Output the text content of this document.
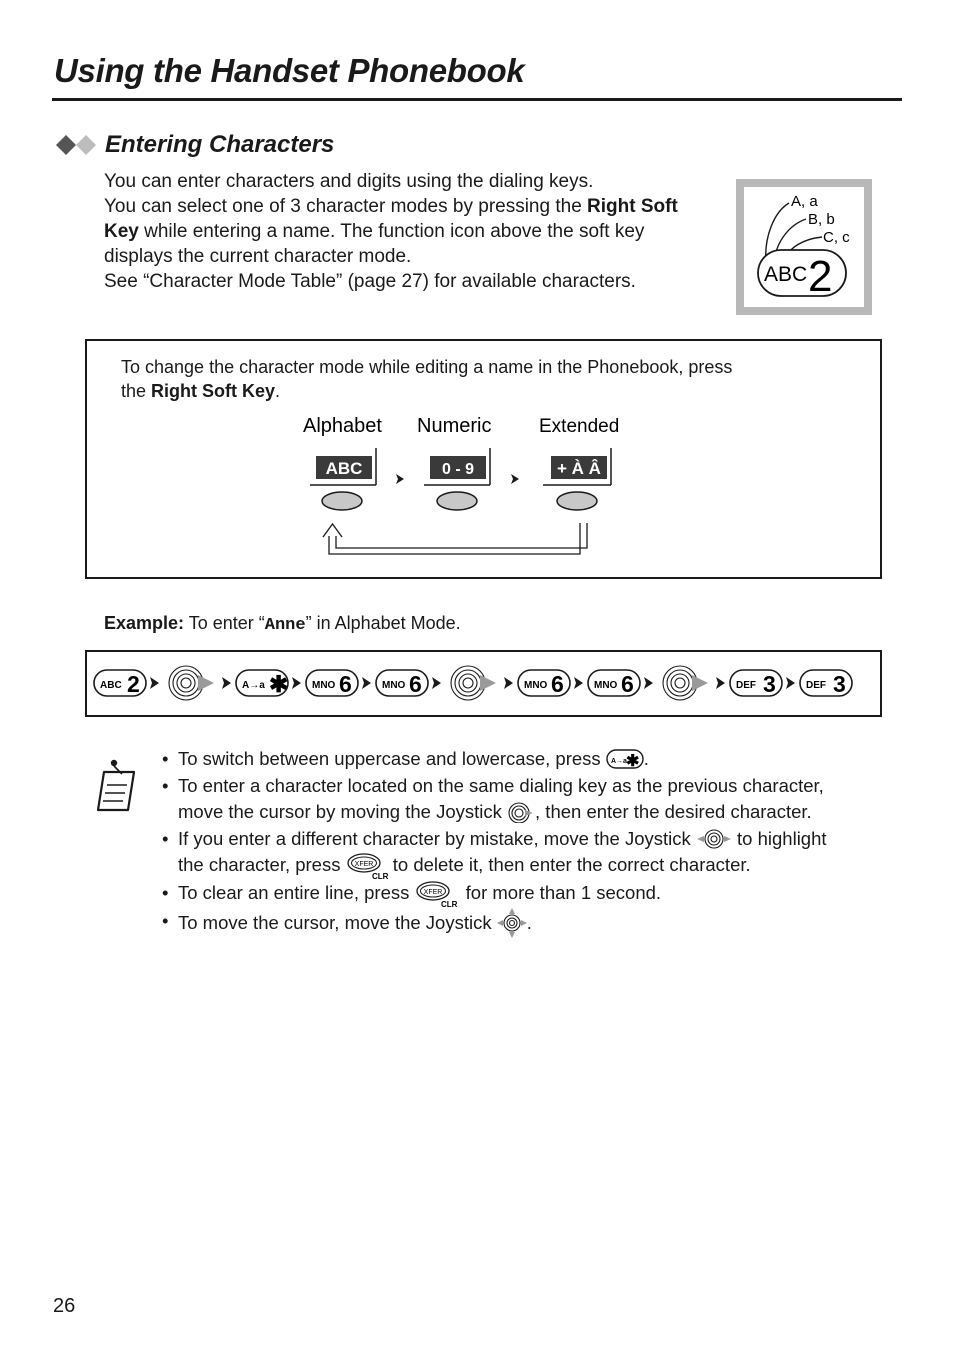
Using the Handset Phonebook
Entering Characters
You can enter characters and digits using the dialing keys.
You can select one of 3 character modes by pressing the Right Soft
Key while entering a name. The function icon above the soft key
displays the current character mode.
See “Character Mode Table” (page 27) for available characters.
A, a
B, b
C, c
ABC 2
To change the character mode while editing a name in the Phonebook, press
the Right Soft Key.
Alphabet Numeric	Extended
ABC	0 - 9	+ À Â
Example: To enter “Anne” in Alphabet Mode.
ABC 2	A→a ✱ MNO 6	MNO 6	MNO 6	MNO 6	DEF 3	DEF 3
• To switch between uppercase and lowercase, press A→a ✱ .
• To enter a character located on the same dialing key as the previous character,
move the cursor by moving the Joystick , then enter the desired character.
• If you enter a different character by mistake, move the Joystick  to highlight
the character, press XFER
CLR
to delete it, then enter the correct character.
• To clear an entire line, press XFER
CLR
for more than 1 second.
• To move the cursor, move the Joystick .
26
